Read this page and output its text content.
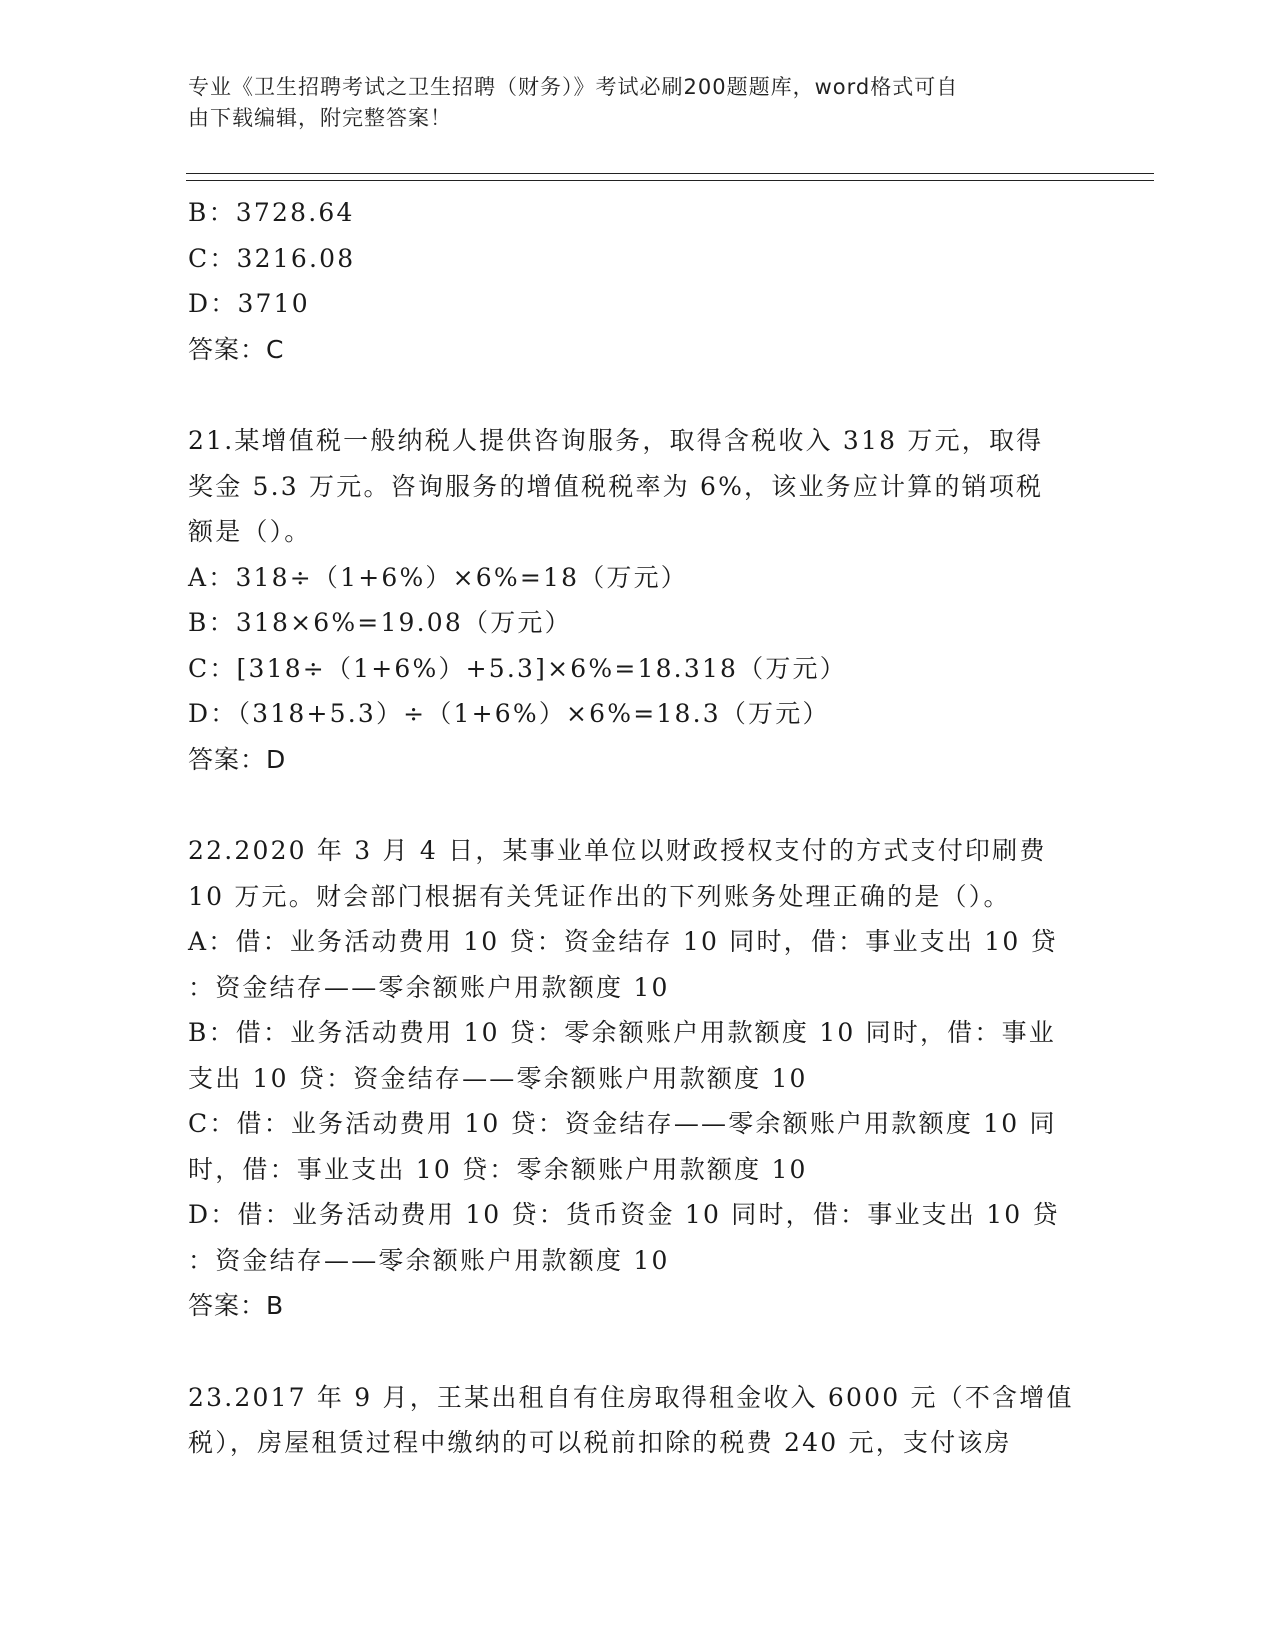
专业《卫生招聘考试之卫生招聘（财务）》考试必刷200题题库，word格式可自
由下载编辑，附完整答案！
B：3728.64
C：3216.08
D：3710
答案：C
21.某增值税一般纳税人提供咨询服务，取得含税收入 318 万元，取得
奖金 5.3 万元。咨询服务的增值税税率为 6%，该业务应计算的销项税
额是（）。
A：318÷（1+6%）×6%=18（万元）
B：318×6%=19.08（万元）
C：[318÷（1+6%）+5.3]×6%=18.318（万元）
D：（318+5.3）÷（1+6%）×6%=18.3（万元）
答案：D
22.2020 年 3 月 4 日，某事业单位以财政授权支付的方式支付印刷费
10 万元。财会部门根据有关凭证作出的下列账务处理正确的是（）。
A：借：业务活动费用 10 贷：资金结存 10 同时，借：事业支出 10 贷
：资金结存——零余额账户用款额度 10
B：借：业务活动费用 10 贷：零余额账户用款额度 10 同时，借：事业
支出 10 贷：资金结存——零余额账户用款额度 10
C：借：业务活动费用 10 贷：资金结存——零余额账户用款额度 10 同
时，借：事业支出 10 贷：零余额账户用款额度 10
D：借：业务活动费用 10 贷：货币资金 10 同时，借：事业支出 10 贷
：资金结存——零余额账户用款额度 10
答案：B
23.2017 年 9 月，王某出租自有住房取得租金收入 6000 元（不含增值
税），房屋租赁过程中缴纳的可以税前扣除的税费 240 元，支付该房
